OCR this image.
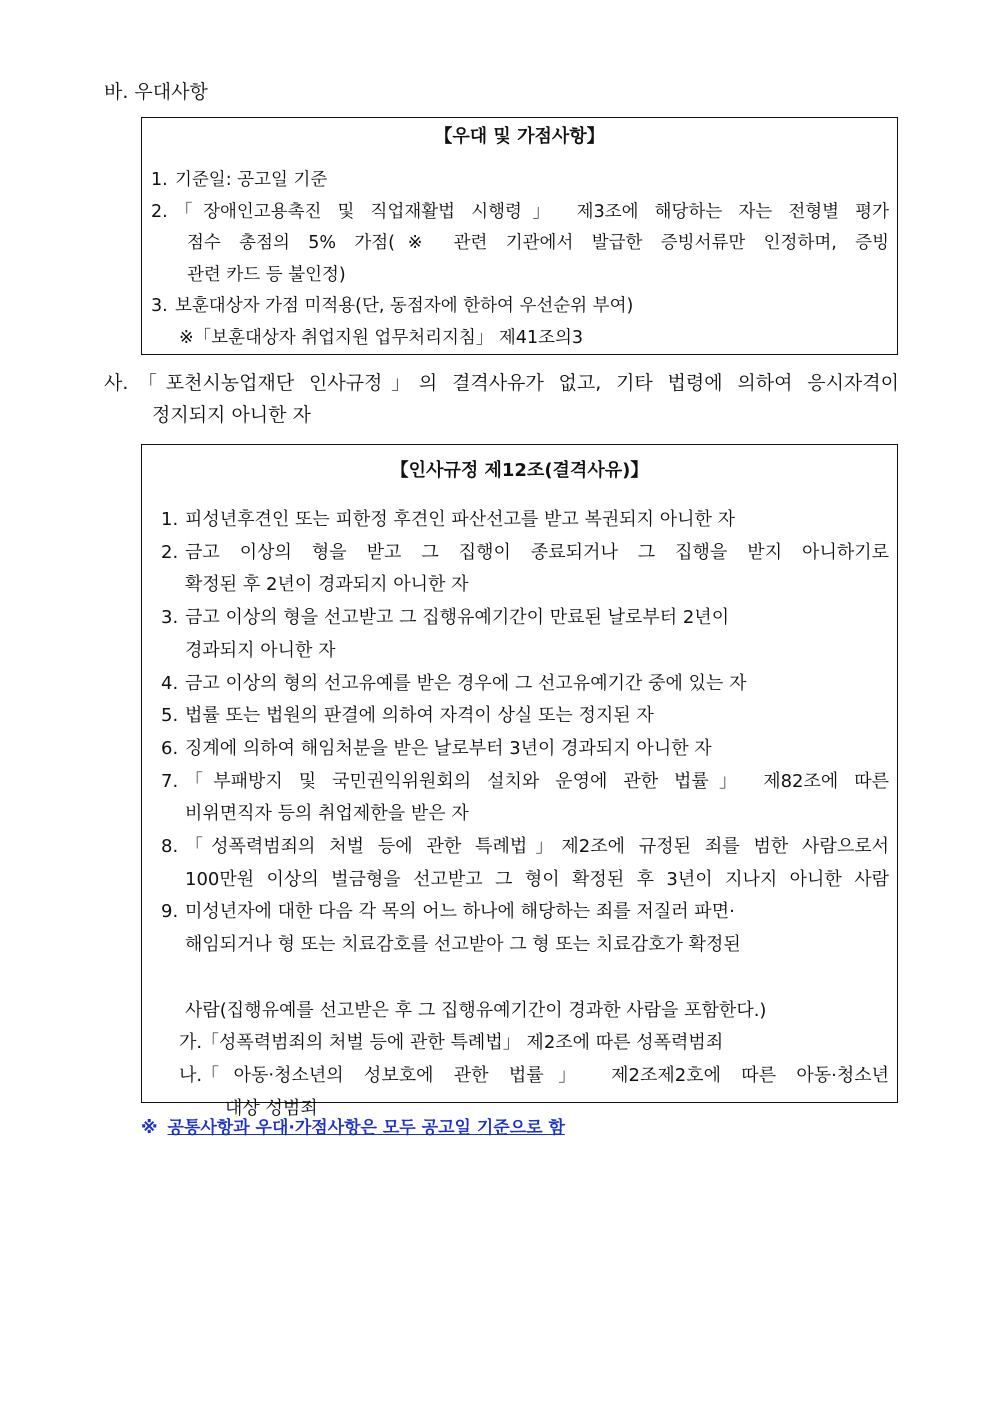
바. 우대사항
【우대 및 가점사항】
1. 기준일: 공고일 기준
2. 「장애인고용촉진 및 직업재활법 시행령」 제3조에 해당하는 자는 전형별 평가
점수 총점의 5% 가점(※ 관련 기관에서 발급한 증빙서류만 인정하며, 증빙
관련 카드 등 불인정)
3. 보훈대상자 가점 미적용(단, 동점자에 한하여 우선순위 부여)
※「보훈대상자 취업지원 업무처리지침」 제41조의3
사. 「포천시농업재단 인사규정」의 결격사유가 없고, 기타 법령에 의하여 응시자격이
정지되지 아니한 자
【인사규정 제12조(결격사유)】
1. 피성년후견인 또는 피한정 후견인 파산선고를 받고 복권되지 아니한 자
2. 금고 이상의 형을 받고 그 집행이 종료되거나 그 집행을 받지 아니하기로
확정된 후 2년이 경과되지 아니한 자
3. 금고 이상의 형을 선고받고 그 집행유예기간이 만료된 날로부터 2년이

경과되지 아니한 자
4. 금고 이상의 형의 선고유예를 받은 경우에 그 선고유예기간 중에 있는 자
5. 법률 또는 법원의 판결에 의하여 자격이 상실 또는 정지된 자
6. 징계에 의하여 해임처분을 받은 날로부터 3년이 경과되지 아니한 자
7. 「부패방지 및 국민권익위원회의 설치와 운영에 관한 법률」 제82조에 따른
비위면직자 등의 취업제한을 받은 자
8. 「성폭력범죄의 처벌 등에 관한 특례법」제2조에 규정된 죄를 범한 사람으로서
100만원 이상의 벌금형을 선고받고 그 형이 확정된 후 3년이 지나지 아니한 사람
9. 미성년자에 대한 다음 각 목의 어느 하나에 해당하는 죄를 저질러 파면·

해임되거나 형 또는 치료감호를 선고받아 그 형 또는 치료감호가 확정된

사람(집행유예를 선고받은 후 그 집행유예기간이 경과한 사람을 포함한다.)
가.
「성폭력범죄의 처벌 등에 관한 특례법」 제2조에 따른 성폭력범죄
나.
「아동‧청소년의 성보호에 관한 법률」 제2조제2호에 따른 아동·청소년
대상 성범죄
※ 공통사항과 우대·가점사항은 모두 공고일 기준으로 함
